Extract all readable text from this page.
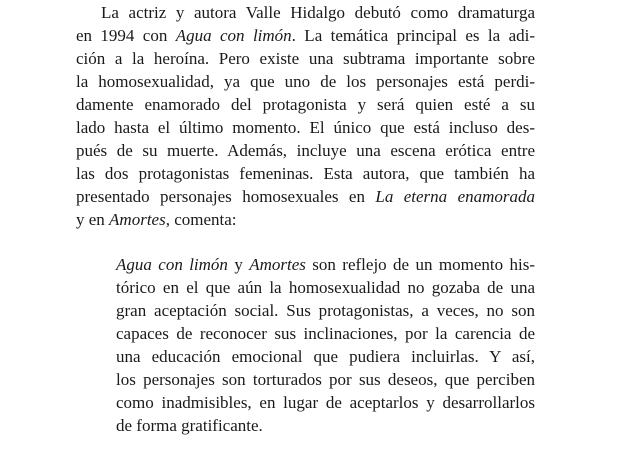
La actriz y autora Valle Hidalgo debutó como dramaturga
en 1994 con Agua con limón. La temática principal es la adi-
ción a la heroína. Pero existe una subtrama importante sobre
la homosexualidad, ya que uno de los personajes está perdi-
damente enamorado del protagonista y será quien esté a su
lado hasta el último momento. El único que está incluso des-
pués de su muerte. Además, incluye una escena erótica entre
las dos protagonistas femeninas. Esta autora, que también ha
presentado personajes homosexuales en La eterna enamorada
y en Amortes, comenta:
Agua con limón y Amortes son reflejo de un momento his-
tórico en el que aún la homosexualidad no gozaba de una
gran aceptación social. Sus protagonistas, a veces, no son
capaces de reconocer sus inclinaciones, por la carencia de
una educación emocional que pudiera incluirlas. Y así,
los personajes son torturados por sus deseos, que perciben
como inadmisibles, en lugar de aceptarlos y desarrollarlos
de forma gratificante.
